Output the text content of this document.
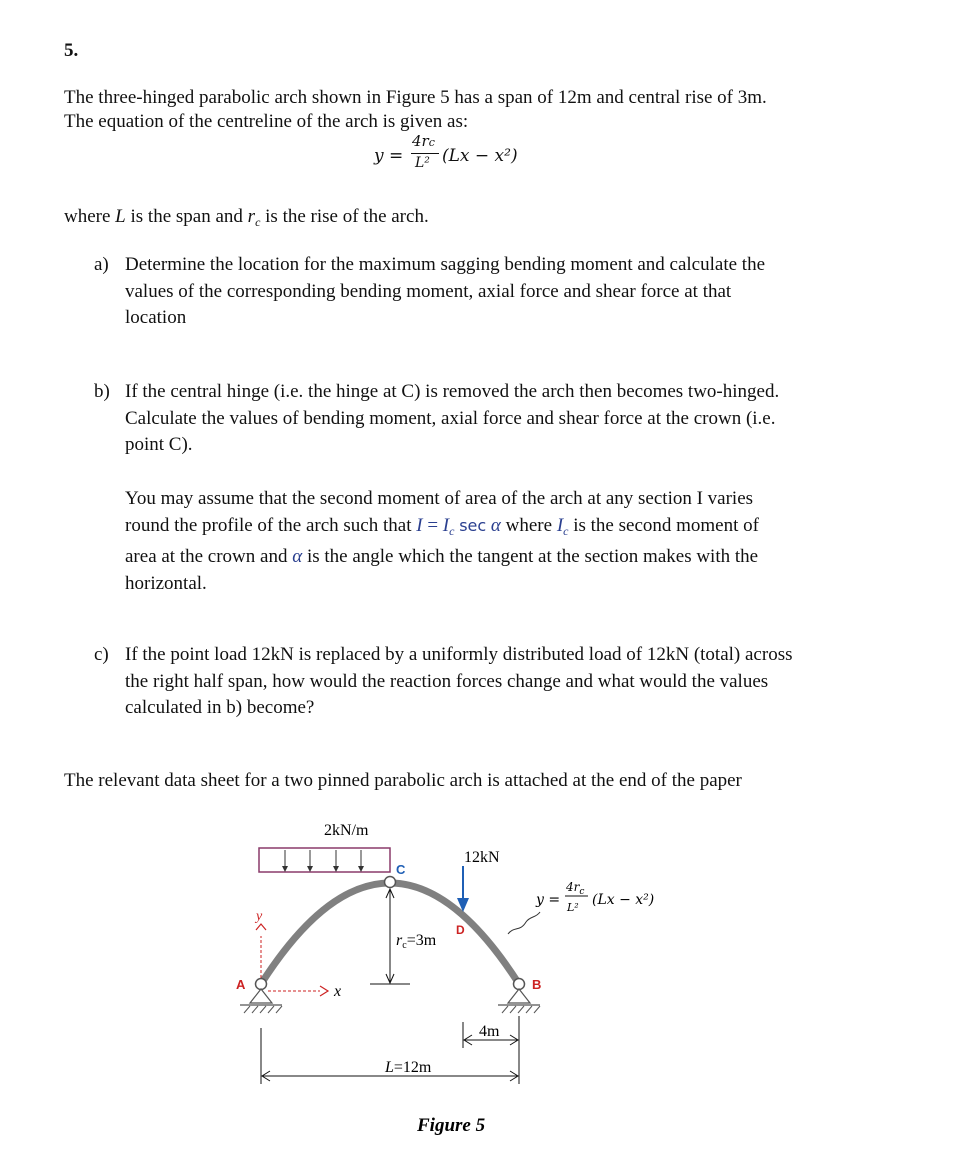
5.
The three-hinged parabolic arch shown in Figure 5 has a span of 12m and central rise of 3m.
The equation of the centreline of the arch is given as:
y =
4rc
L² (Lx − x²)
where L is the span and $r_c$ is the rise of the arch.
a) Determine the location for the maximum sagging bending moment and calculate the
values of the corresponding bending moment, axial force and shear force at that
location
b) If the central hinge (i.e. the hinge at C) is removed the arch then becomes two-hinged.
Calculate the values of bending moment, axial force and shear force at the crown (i.e.
point C).
You may assume that the second moment of area of the arch at any section I varies
round the profile of the arch such that $I = I_c$ sec α where $I_c$ is the second moment of
area at the crown and α is the angle which the tangent at the section makes with the
horizontal.
c) If the point load 12kN is replaced by a uniformly distributed load of 12kN (total) across
the right half span, how would the reaction forces change and what would the values
calculated in b) become?
The relevant data sheet for a two pinned parabolic arch is attached at the end of the paper
2kN/m
C
12kN
D
rc=3m
y =
$4r_c$
L² (Lx − x²)
A	B
y
x
4m
L=12m
Figure 5
